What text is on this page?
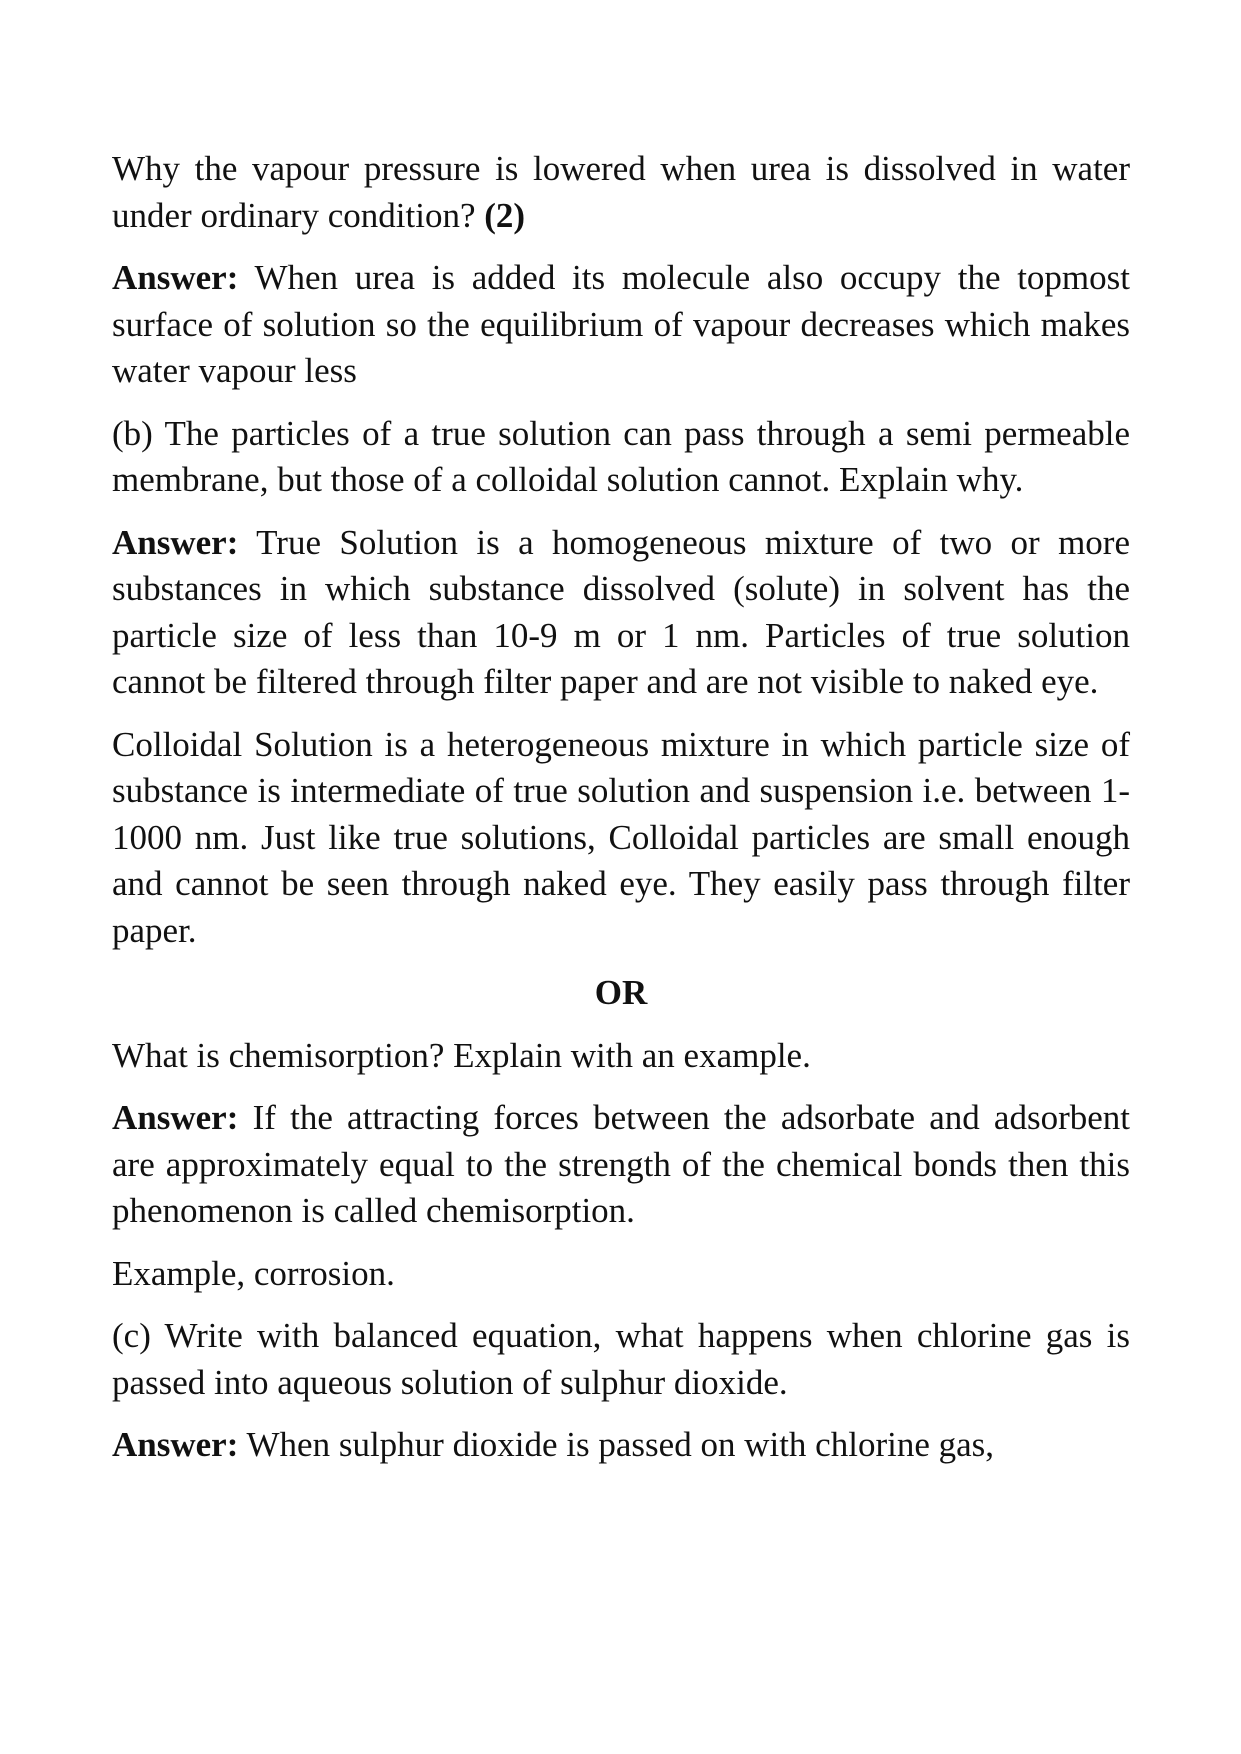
Why the vapour pressure is lowered when urea is dissolved in water under ordinary condition? (2)

Answer: When urea is added its molecule also occupy the topmost surface of solution so the equilibrium of vapour decreases which makes water vapour less

(b) The particles of a true solution can pass through a semi permeable membrane, but those of a colloidal solution cannot. Explain why.

Answer: True Solution is a homogeneous mixture of two or more substances in which substance dissolved (solute) in solvent has the particle size of less than 10-9 m or 1 nm. Particles of true solution cannot be filtered through filter paper and are not visible to naked eye.

Colloidal Solution is a heterogeneous mixture in which particle size of substance is intermediate of true solution and suspension i.e. between 1-1000 nm. Just like true solutions, Colloidal particles are small enough and cannot be seen through naked eye. They easily pass through filter paper.

OR

What is chemisorption? Explain with an example.

Answer: If the attracting forces between the adsorbate and adsorbent are approximately equal to the strength of the chemical bonds then this phenomenon is called chemisorption.

Example, corrosion.

(c) Write with balanced equation, what happens when chlorine gas is passed into aqueous solution of sulphur dioxide.

Answer: When sulphur dioxide is passed on with chlorine gas,
